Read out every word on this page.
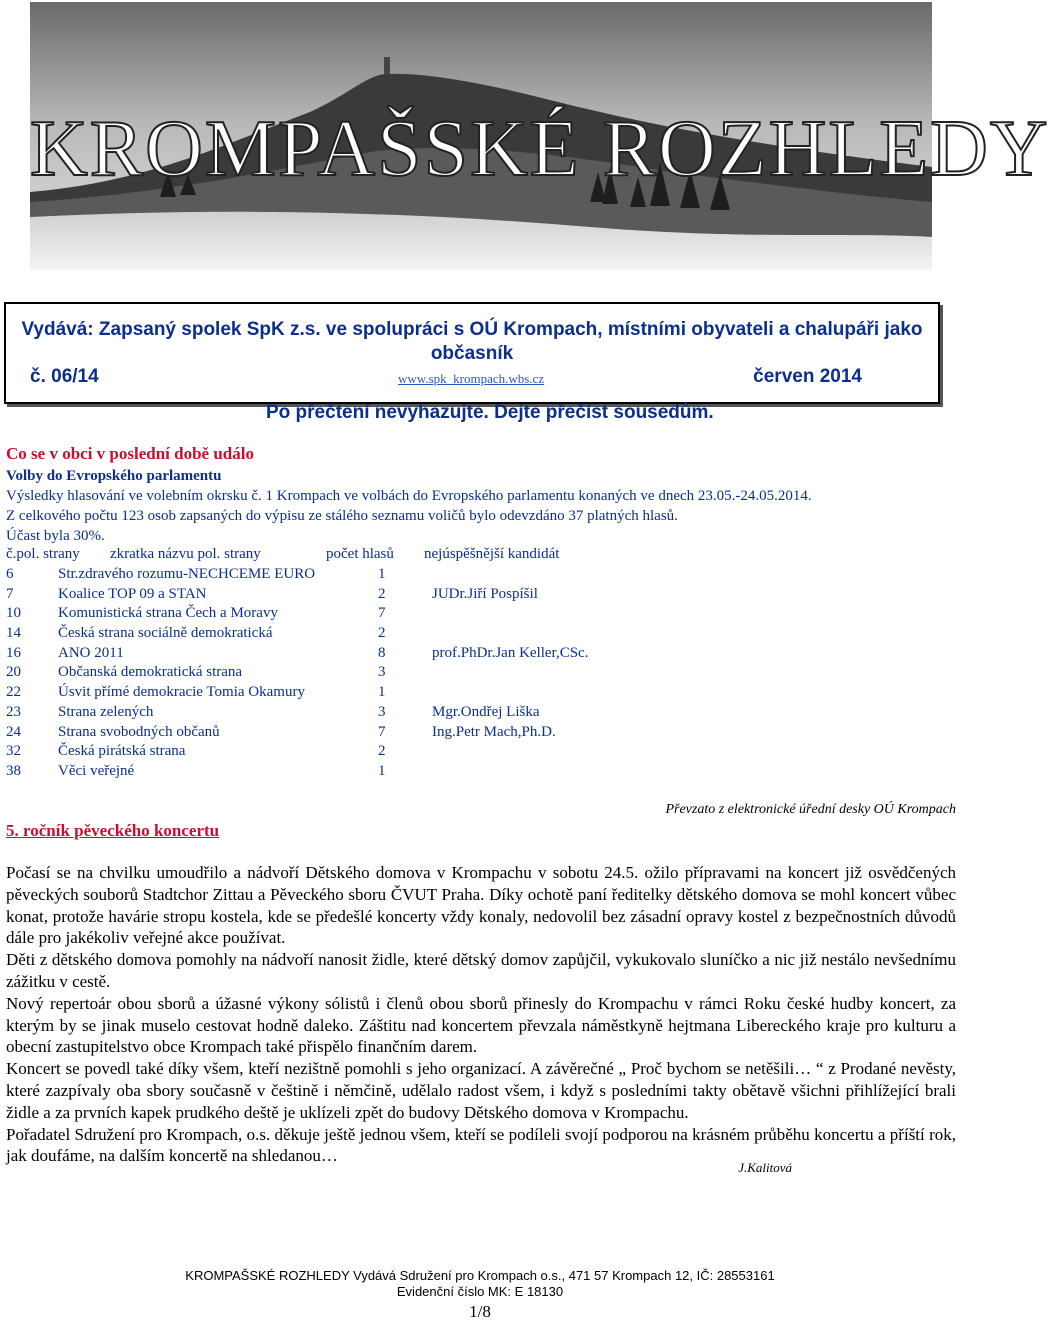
KROMPAŠSKÉ ROZHLEDY
Vydává: Zapsaný spolek SpK z.s. ve spolupráci s OÚ Krompach, místními obyvateli a chalupáři jako občasník
č. 06/14	www.spk_krompach.wbs.cz	červen 2014
Po přečtení nevyhazujte. Dejte přečíst sousedům.
Co se v obci v poslední době událo
Volby do Evropského parlamentu
Výsledky hlasování ve volebním okrsku č. 1 Krompach ve volbách do Evropského parlamentu konaných ve dnech 23.05.-24.05.2014.
Z celkového počtu 123 osob zapsaných do výpisu ze stálého seznamu voličů bylo odevzdáno 37 platných hlasů.
Účast byla 30%.
č.pol. strany	zkratka názvu pol. strany	počet hlasů	nejúspěšnější kandidát
6	Str.zdravého rozumu-NECHCEME EURO	1	
7	Koalice TOP 09 a STAN	2	JUDr.Jiří Pospíšil
10	Komunistická strana Čech a Moravy	7	
14	Česká strana sociálně demokratická	2	
16	ANO 2011	8	prof.PhDr.Jan Keller,CSc.
20	Občanská demokratická strana	3	
22	Úsvit přímé demokracie Tomia Okamury	1	
23	Strana zelených	3	Mgr.Ondřej Liška
24	Strana svobodných občanů	7	Ing.Petr Mach,Ph.D.
32	Česká pirátská strana	2	
38	Věci veřejné	1	
Převzato z elektronické úřední desky OÚ Krompach
5. ročník pěveckého koncertu

Počasí se na chvilku umoudřilo a nádvoří Dětského domova v Krompachu v sobotu 24.5. ožilo přípravami na koncert již osvědčených pěveckých souborů Stadtchor Zittau a Pěveckého sboru ČVUT Praha. Díky ochotě paní ředitelky dětského domova se mohl koncert vůbec konat, protože havárie stropu kostela, kde se předešlé koncerty vždy konaly, nedovolil bez zásadní opravy kostel z bezpečnostních důvodů dále pro jakékoliv veřejné akce používat.

Děti z dětského domova pomohly na nádvoří nanosit židle, které dětský domov zapůjčil, vykukovalo sluníčko a nic již nestálo nevšednímu zážitku v cestě.

Nový repertoár obou sborů a úžasné výkony sólistů i členů obou sborů přinesly do Krompachu v rámci Roku české hudby koncert, za kterým by se jinak muselo cestovat hodně daleko. Záštitu nad koncertem převzala náměstkyně hejtmana Libereckého kraje pro kulturu a obecní zastupitelstvo obce Krompach také přispělo finančním darem.

Koncert se povedl také díky všem, kteří nezištně pomohli s jeho organizací. A závěrečné „ Proč bychom se netěšili… “ z Prodané nevěsty, které zazpívaly oba sbory současně v češtině i němčině, udělalo radost všem, i když s posledními takty obětavě všichni přihlížející brali židle a za prvních kapek prudkého deště je uklízeli zpět do budovy Dětského domova v Krompachu.

Pořadatel Sdružení pro Krompach, o.s. děkuje ještě jednou všem, kteří se podíleli svojí podporou na krásném průběhu koncertu a příští rok, jak doufáme, na dalším koncertě na shledanou…

J.Kalitová
KROMPAŠSKÉ ROZHLEDY Vydává Sdružení pro Krompach o.s., 471 57 Krompach 12, IČ: 28553161
Evidenční číslo MK: E 18130
1/8
